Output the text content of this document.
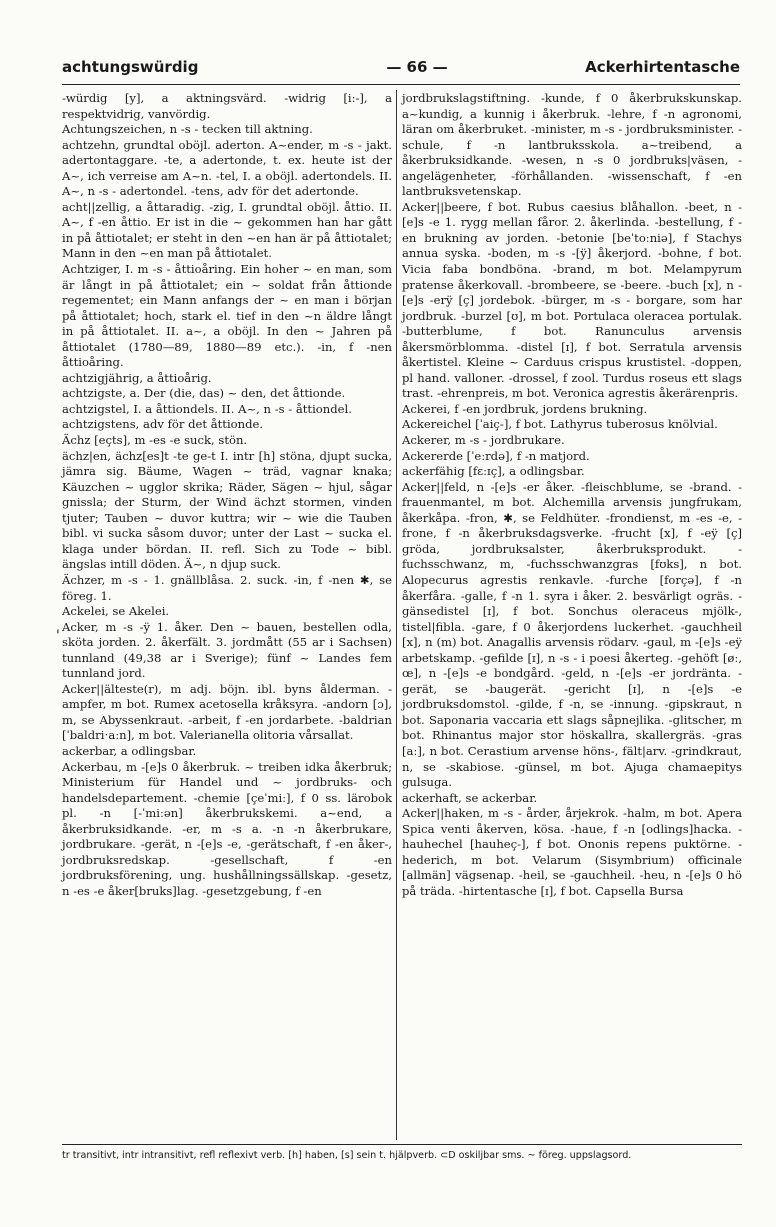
achtungswürdig	— 66 —	Ackerhirtentasche

-würdig [y], a aktningsvärd. -widrig [i:-], a respektvidrig, vanvördig.

Achtungszeichen, n -s - tecken till aktning.

achtzehn, grundtal oböjl. aderton. A~ender, m -s - jakt. adertontaggare. -te, a adertonde, t. ex. heute ist der A~, ich verreise am A~n. -tel, I. a oböjl. adertondels. II. A~, n -s - adertondel. -tens, adv för det adertonde.

acht||zellig, a åttaradig. -zig, I. grundtal oböjl. åttio. II. A~, f -en åttio. Er ist in die ~ gekommen han har gått in på åttiotalet; er steht in den ~en han är på åttiotalet; Mann in den ~en man på åttiotalet.

Achtziger, I. m -s - åttioåring. Ein hoher ~ en man, som är långt in på åttiotalet; ein ~ soldat från åttionde regementet; ein Mann anfangs der ~ en man i början på åttiotalet; hoch, stark el. tief in den ~n äldre långt in på åttiotalet. II. a~, a oböjl. In den ~ Jahren på åttiotalet (1780—89, 1880—89 etc.). -in, f -nen åttioåring.

achtzigjährig, a åttioårig.

achtzigste, a. Der (die, das) ~ den, det åttionde.

achtzigstel, I. a åttiondels. II. A~, n -s - åttiondel.

achtzigstens, adv för det åttionde.

Ächz [eçts], m -es -e suck, stön.

ächz|en, ächz[es]t -te ge-t I. intr [h] stöna, djupt sucka, jämra sig. Bäume, Wagen ~ träd, vagnar knaka; Käuzchen ~ ugglor skrika; Räder, Sägen ~ hjul, sågar gnissla; der Sturm, der Wind ächzt stormen, vinden tjuter; Tauben ~ duvor kuttra; wir ~ wie die Tauben bibl. vi sucka såsom duvor; unter der Last ~ sucka el. klaga under bördan. II. refl. Sich zu Tode ~ bibl. ängslas intill döden. Ä~, n djup suck.

Ächzer, m -s - 1. gnällblåsa. 2. suck. -in, f -nen ✱, se föreg. 1.

Ackelei, se Akelei.

Acker, m -s -ÿ 1. åker. Den ~ bauen, bestellen odla, sköta jorden. 2. åkerfält. 3. jordmått (55 ar i Sachsen) tunnland (49,38 ar i Sverige); fünf ~ Landes fem tunnland jord.

Acker||älteste(r), m adj. böjn. ibl. byns ålderman. -ampfer, m bot. Rumex acetosella kråksyra. -andorn [ɔ], m, se Abyssenkraut. -arbeit, f -en jordarbete. -baldrian [ˈbaldriˑaːn], m bot. Valerianella olitoria vårsallat.

ackerbar, a odlingsbar.

Ackerbau, m -[e]s 0 åkerbruk. ~ treiben idka åkerbruk; Ministerium für Handel und ~ jordbruks- och handelsdepartement. -chemie [çeˈmiː], f 0 ss. lärobok pl. -n [-ˈmiːən] åkerbrukskemi. a~end, a åkerbruksidkande. -er, m -s a. -n -n åkerbrukare, jordbrukare. -gerät, n -[e]s -e, -gerätschaft, f -en åker-, jordbruksredskap. -gesellschaft, f -en jordbruksförening, ung. hushållningssällskap. -gesetz, n -es -e åker[bruks]lag. -gesetzgebung, f -en

jordbrukslagstiftning. -kunde, f 0 åkerbrukskunskap. a~kundig, a kunnig i åkerbruk. -lehre, f -n agronomi, läran om åkerbruket. -minister, m -s - jordbruksminister. -schule, f -n lantbruksskola. a~treibend, a åkerbruksidkande. -wesen, n -s 0 jordbruks|väsen, -angelägenheter, -förhållanden. -wissenschaft, f -en lantbruksvetenskap.

Acker||beere, f bot. Rubus caesius blåhallon. -beet, n -[e]s -e 1. rygg mellan fåror. 2. åkerlinda. -bestellung, f -en brukning av jorden. -betonie [beˈtoːniə], f Stachys annua syska. -boden, m -s -[ÿ] åkerjord. -bohne, f bot. Vicia faba bondböna. -brand, m bot. Melampyrum pratense åkerkovall. -brombeere, se -beere. -buch [x], n -[e]s -erÿ [ç] jordebok. -bürger, m -s - borgare, som har jordbruk. -burzel [ʊ], m bot. Portulaca oleracea portulak. -butterblume, f bot. Ranunculus arvensis åkersmörblomma. -distel [ɪ], f bot. Serratula arvensis åkertistel. Kleine ~ Carduus crispus krustistel. -doppen, pl hand. valloner. -drossel, f zool. Turdus roseus ett slags trast. -ehrenpreis, m bot. Veronica agrestis åkerärenpris.

Ackerei, f -en jordbruk, jordens brukning.

Ackereichel [ˈaiç-], f bot. Lathyrus tuberosus knölvial.

Ackerer, m -s - jordbrukare.

Ackererde [ˈeːrdə], f -n matjord.

ackerfähig [fɛːɪç], a odlingsbar.

Acker||feld, n -[e]s -er åker. -fleischblume, se -brand. -frauenmantel, m bot. Alchemilla arvensis jungfrukam, åkerkåpa. -fron, ✱, se Feldhüter. -frondienst, m -es -e, -frone, f -n åkerbruksdagsverke. -frucht [x], f -eÿ [ç] gröda, jordbruksalster, åkerbruksprodukt. -fuchsschwanz, m, -fuchsschwanzgras [fʊks], n bot. Alopecurus agrestis renkavle. -furche [forçə], f -n åkerfåra. -galle, f -n 1. syra i åker. 2. besvärligt ogräs. -gänsedistel [ɪ], f bot. Sonchus oleraceus mjölk-, tistel|fibla. -gare, f 0 åkerjordens luckerhet. -gauchheil [x], n (m) bot. Anagallis arvensis rödarv. -gaul, m -[e]s -eÿ arbetskamp. -gefilde [ɪ], n -s - i poesi åkerteg. -gehöft [øː, œ], n -[e]s -e bondgård. -geld, n -[e]s -er jordränta. -gerät, se -baugerät. -gericht [ɪ], n -[e]s -e jordbruksdomstol. -gilde, f -n, se -innung. -gipskraut, n bot. Saponaria vaccaria ett slags såpnejlika. -glitscher, m bot. Rhinantus major stor höskallra, skallergräs. -gras [aː], n bot. Cerastium arvense höns-, fält|arv. -grindkraut, n, se -skabiose. -günsel, m bot. Ajuga chamaepitys gulsuga.

ackerhaft, se ackerbar.

Acker||haken, m -s - årder, årjekrok. -halm, m bot. Apera Spica venti åkerven, kösa. -haue, f -n [odlings]hacka. -hauhechel [hauheç-], f bot. Ononis repens puktörne. -hederich, m bot. Velarum (Sisymbrium) officinale [allmän] vägsenap. -heil, se -gauchheil. -heu, n -[e]s 0 hö på träda. -hirtentasche [ɪ], f bot. Capsella Bursa

'
tr transitivt, intr intransitivt, refl reflexivt verb. [h] haben, [s] sein t. hjälpverb. ⊂D oskiljbar sms. ~ föreg. uppslagsord.
